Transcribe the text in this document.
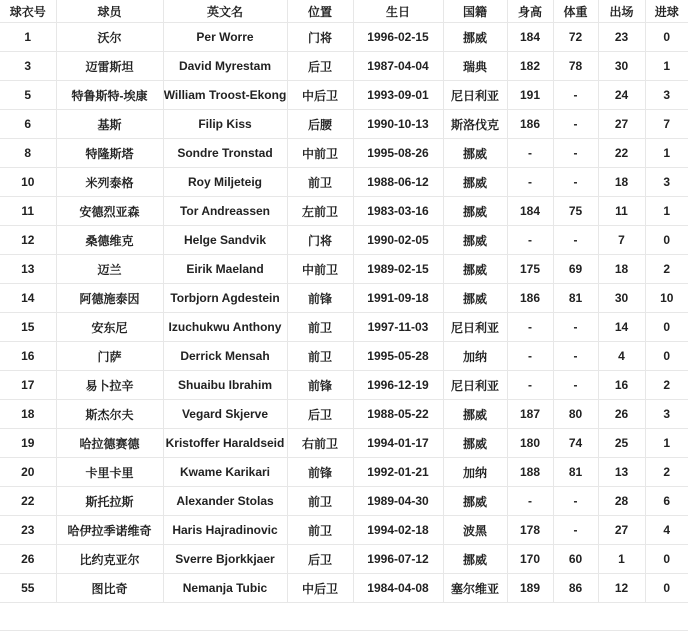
球衣号	球员	英文名	位置	生日	国籍	身高	体重	出场	进球
1	沃尔	Per Worre	门将	1996-02-15	挪威	184	72	23	0
3	迈雷斯坦	David Myrestam	后卫	1987-04-04	瑞典	182	78	30	1
5	特鲁斯特-埃康	William Troost-Ekong	中后卫	1993-09-01	尼日利亚	191	-	24	3
6	基斯	Filip Kiss	后腰	1990-10-13	斯洛伐克	186	-	27	7
8	特隆斯塔	Sondre Tronstad	中前卫	1995-08-26	挪威	-	-	22	1
10	米列泰格	Roy Miljeteig	前卫	1988-06-12	挪威	-	-	18	3
11	安德烈亚森	Tor Andreassen	左前卫	1983-03-16	挪威	184	75	11	1
12	桑德维克	Helge Sandvik	门将	1990-02-05	挪威	-	-	7	0
13	迈兰	Eirik Maeland	中前卫	1989-02-15	挪威	175	69	18	2
14	阿德施泰因	Torbjorn Agdestein	前锋	1991-09-18	挪威	186	81	30	10
15	安东尼	Izuchukwu Anthony	前卫	1997-11-03	尼日利亚	-	-	14	0
16	门萨	Derrick Mensah	前卫	1995-05-28	加纳	-	-	4	0
17	易卜拉辛	Shuaibu Ibrahim	前锋	1996-12-19	尼日利亚	-	-	16	2
18	斯杰尔夫	Vegard Skjerve	后卫	1988-05-22	挪威	187	80	26	3
19	哈拉德赛德	Kristoffer Haraldseid	右前卫	1994-01-17	挪威	180	74	25	1
20	卡里卡里	Kwame Karikari	前锋	1992-01-21	加纳	188	81	13	2
22	斯托拉斯	Alexander Stolas	前卫	1989-04-30	挪威	-	-	28	6
23	哈伊拉季诺维奇	Haris Hajradinovic	前卫	1994-02-18	波黑	178	-	27	4
26	比约克亚尔	Sverre Bjorkkjaer	后卫	1996-07-12	挪威	170	60	1	0
55	图比奇	Nemanja Tubic	中后卫	1984-04-08	塞尔维亚	189	86	12	0
